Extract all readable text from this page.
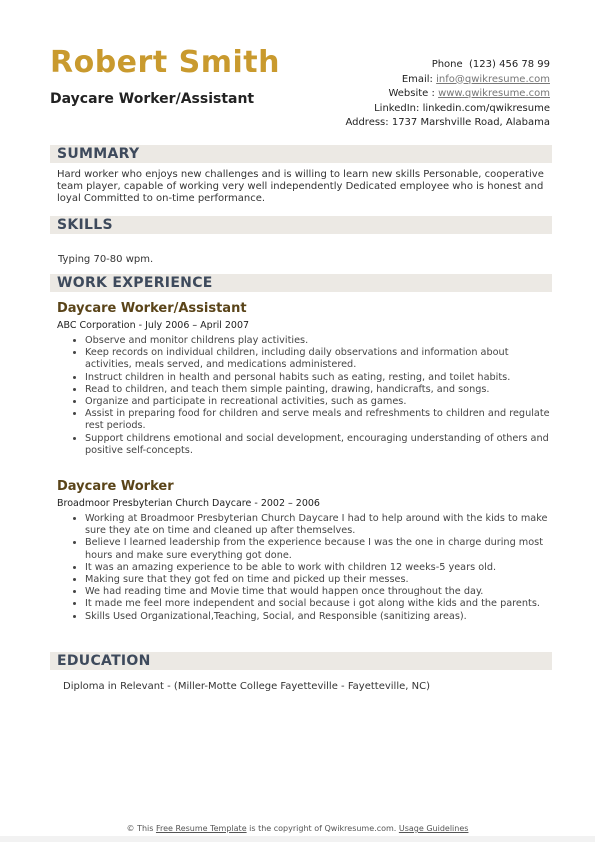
Robert Smith
Daycare Worker/Assistant
Phone (123) 456 78 99
Email: info@qwikresume.com
Website : www.qwikresume.com
LinkedIn: linkedin.com/qwikresume
Address: 1737 Marshville Road, Alabama
SUMMARY
Hard worker who enjoys new challenges and is willing to learn new skills Personable, cooperative team player, capable of working very well independently Dedicated employee who is honest and loyal Committed to on-time performance.
SKILLS
Typing 70-80 wpm.
WORK EXPERIENCE
Daycare Worker/Assistant
ABC Corporation - July 2006 – April 2007
• Observe and monitor childrens play activities.
• Keep records on individual children, including daily observations and information about activities, meals served, and medications administered.
• Instruct children in health and personal habits such as eating, resting, and toilet habits.
• Read to children, and teach them simple painting, drawing, handicrafts, and songs.
• Organize and participate in recreational activities, such as games.
• Assist in preparing food for children and serve meals and refreshments to children and regulate rest periods.
• Support childrens emotional and social development, encouraging understanding of others and positive self-concepts.
Daycare Worker
Broadmoor Presbyterian Church Daycare - 2002 – 2006
• Working at Broadmoor Presbyterian Church Daycare I had to help around with the kids to make sure they ate on time and cleaned up after themselves.
• Believe I learned leadership from the experience because I was the one in charge during most hours and make sure everything got done.
• It was an amazing experience to be able to work with children 12 weeks-5 years old.
• Making sure that they got fed on time and picked up their messes.
• We had reading time and Movie time that would happen once throughout the day.
• It made me feel more independent and social because i got along withe kids and the parents.
• Skills Used Organizational,Teaching, Social, and Responsible (sanitizing areas).
EDUCATION
Diploma in Relevant - (Miller-Motte College Fayetteville - Fayetteville, NC)
© This Free Resume Template is the copyright of Qwikresume.com. Usage Guidelines
